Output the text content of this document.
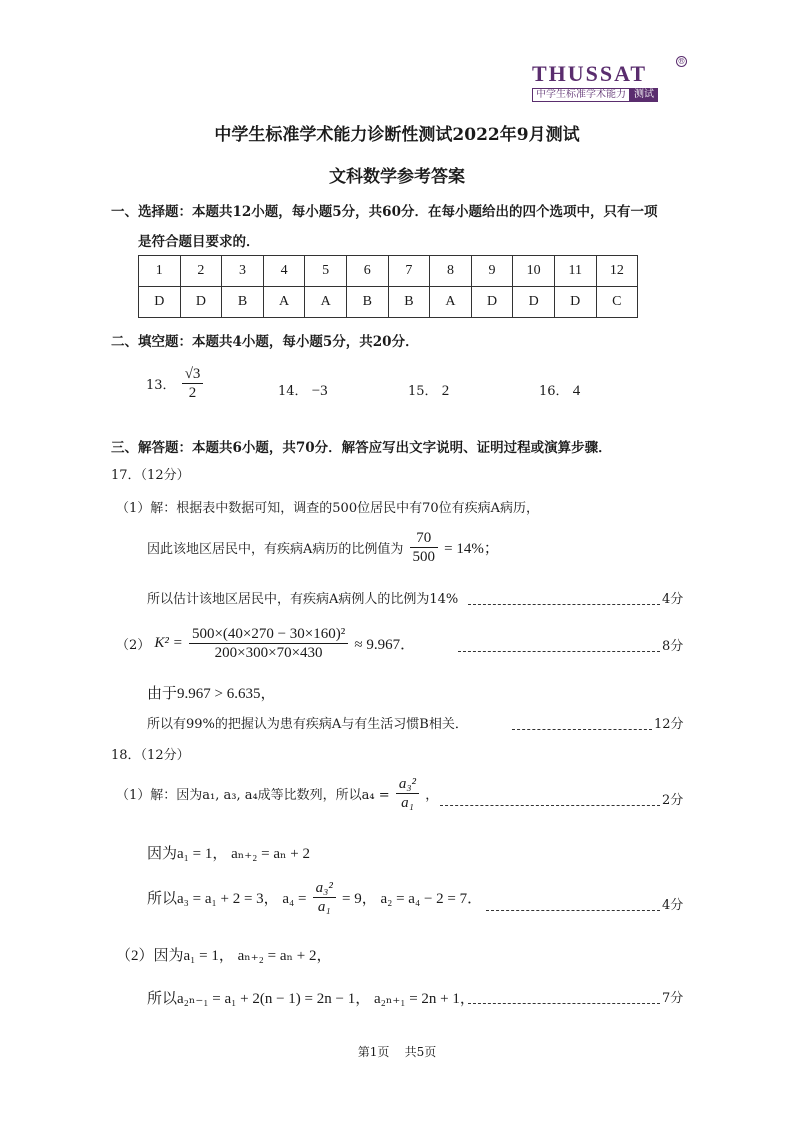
THUSSAT	®
中学生标准学术能力 测试
中学生标准学术能力诊断性测试2022年9月测试
文科数学参考答案
一、选择题：本题共12小题，每小题5分，共60分．在每小题给出的四个选项中，只有一项
是符合题目要求的．
1	2	3	4	5	6	7	8	9	10	11	12
D	D	B	A	A	B	B	A	D	D	D	C
二、填空题：本题共4小题，每小题5分，共20分．
13． $\frac{√3}{2}$	14． −3	15． 2	16． 4
三、解答题：本题共6小题，共70分．解答应写出文字说明、证明过程或演算步骤．
17．（12分）
（1）解：根据表中数据可知，调查的500位居民中有70位有疾病A病历，
因此该地区居民中，有疾病A病历的比例值为 $\frac{70}{500} = 14\%$；
所以估计该地区居民中，有疾病A病例人的比例为14%	4分
（2） $K^2 = \frac{\text{500×(40×270 − 30×160)²}}{200\times 300\times 70\times 430} \approx 9.967$．	8分
由于9.967 > 6.635，
所以有99%的把握认为患有疾病A与有生活习惯B相关．	12分
18．（12分）
（1）解：因为a₁, a₃, a₄成等比数列，所以$a_4 = \frac{\text{a₃²}}{\text{a₁}}$ ，	2分
因为a₁ = 1， aₙ₊₂ = aₙ + 2
所以a₃ = a₁ + 2 = 3， $a_4 = \frac{\text{a₃²}}{\text{a₁}} = 9$， a₂ = a₄ − 2 = 7．	4分
（2）因为a₁ = 1， aₙ₊₂ = aₙ + 2，
所以a₂ₙ₋₁ = a₁ + 2(n − 1) = 2n − 1， a₂ₙ₊₁ = 2n + 1，	7分
第1页    共5页
